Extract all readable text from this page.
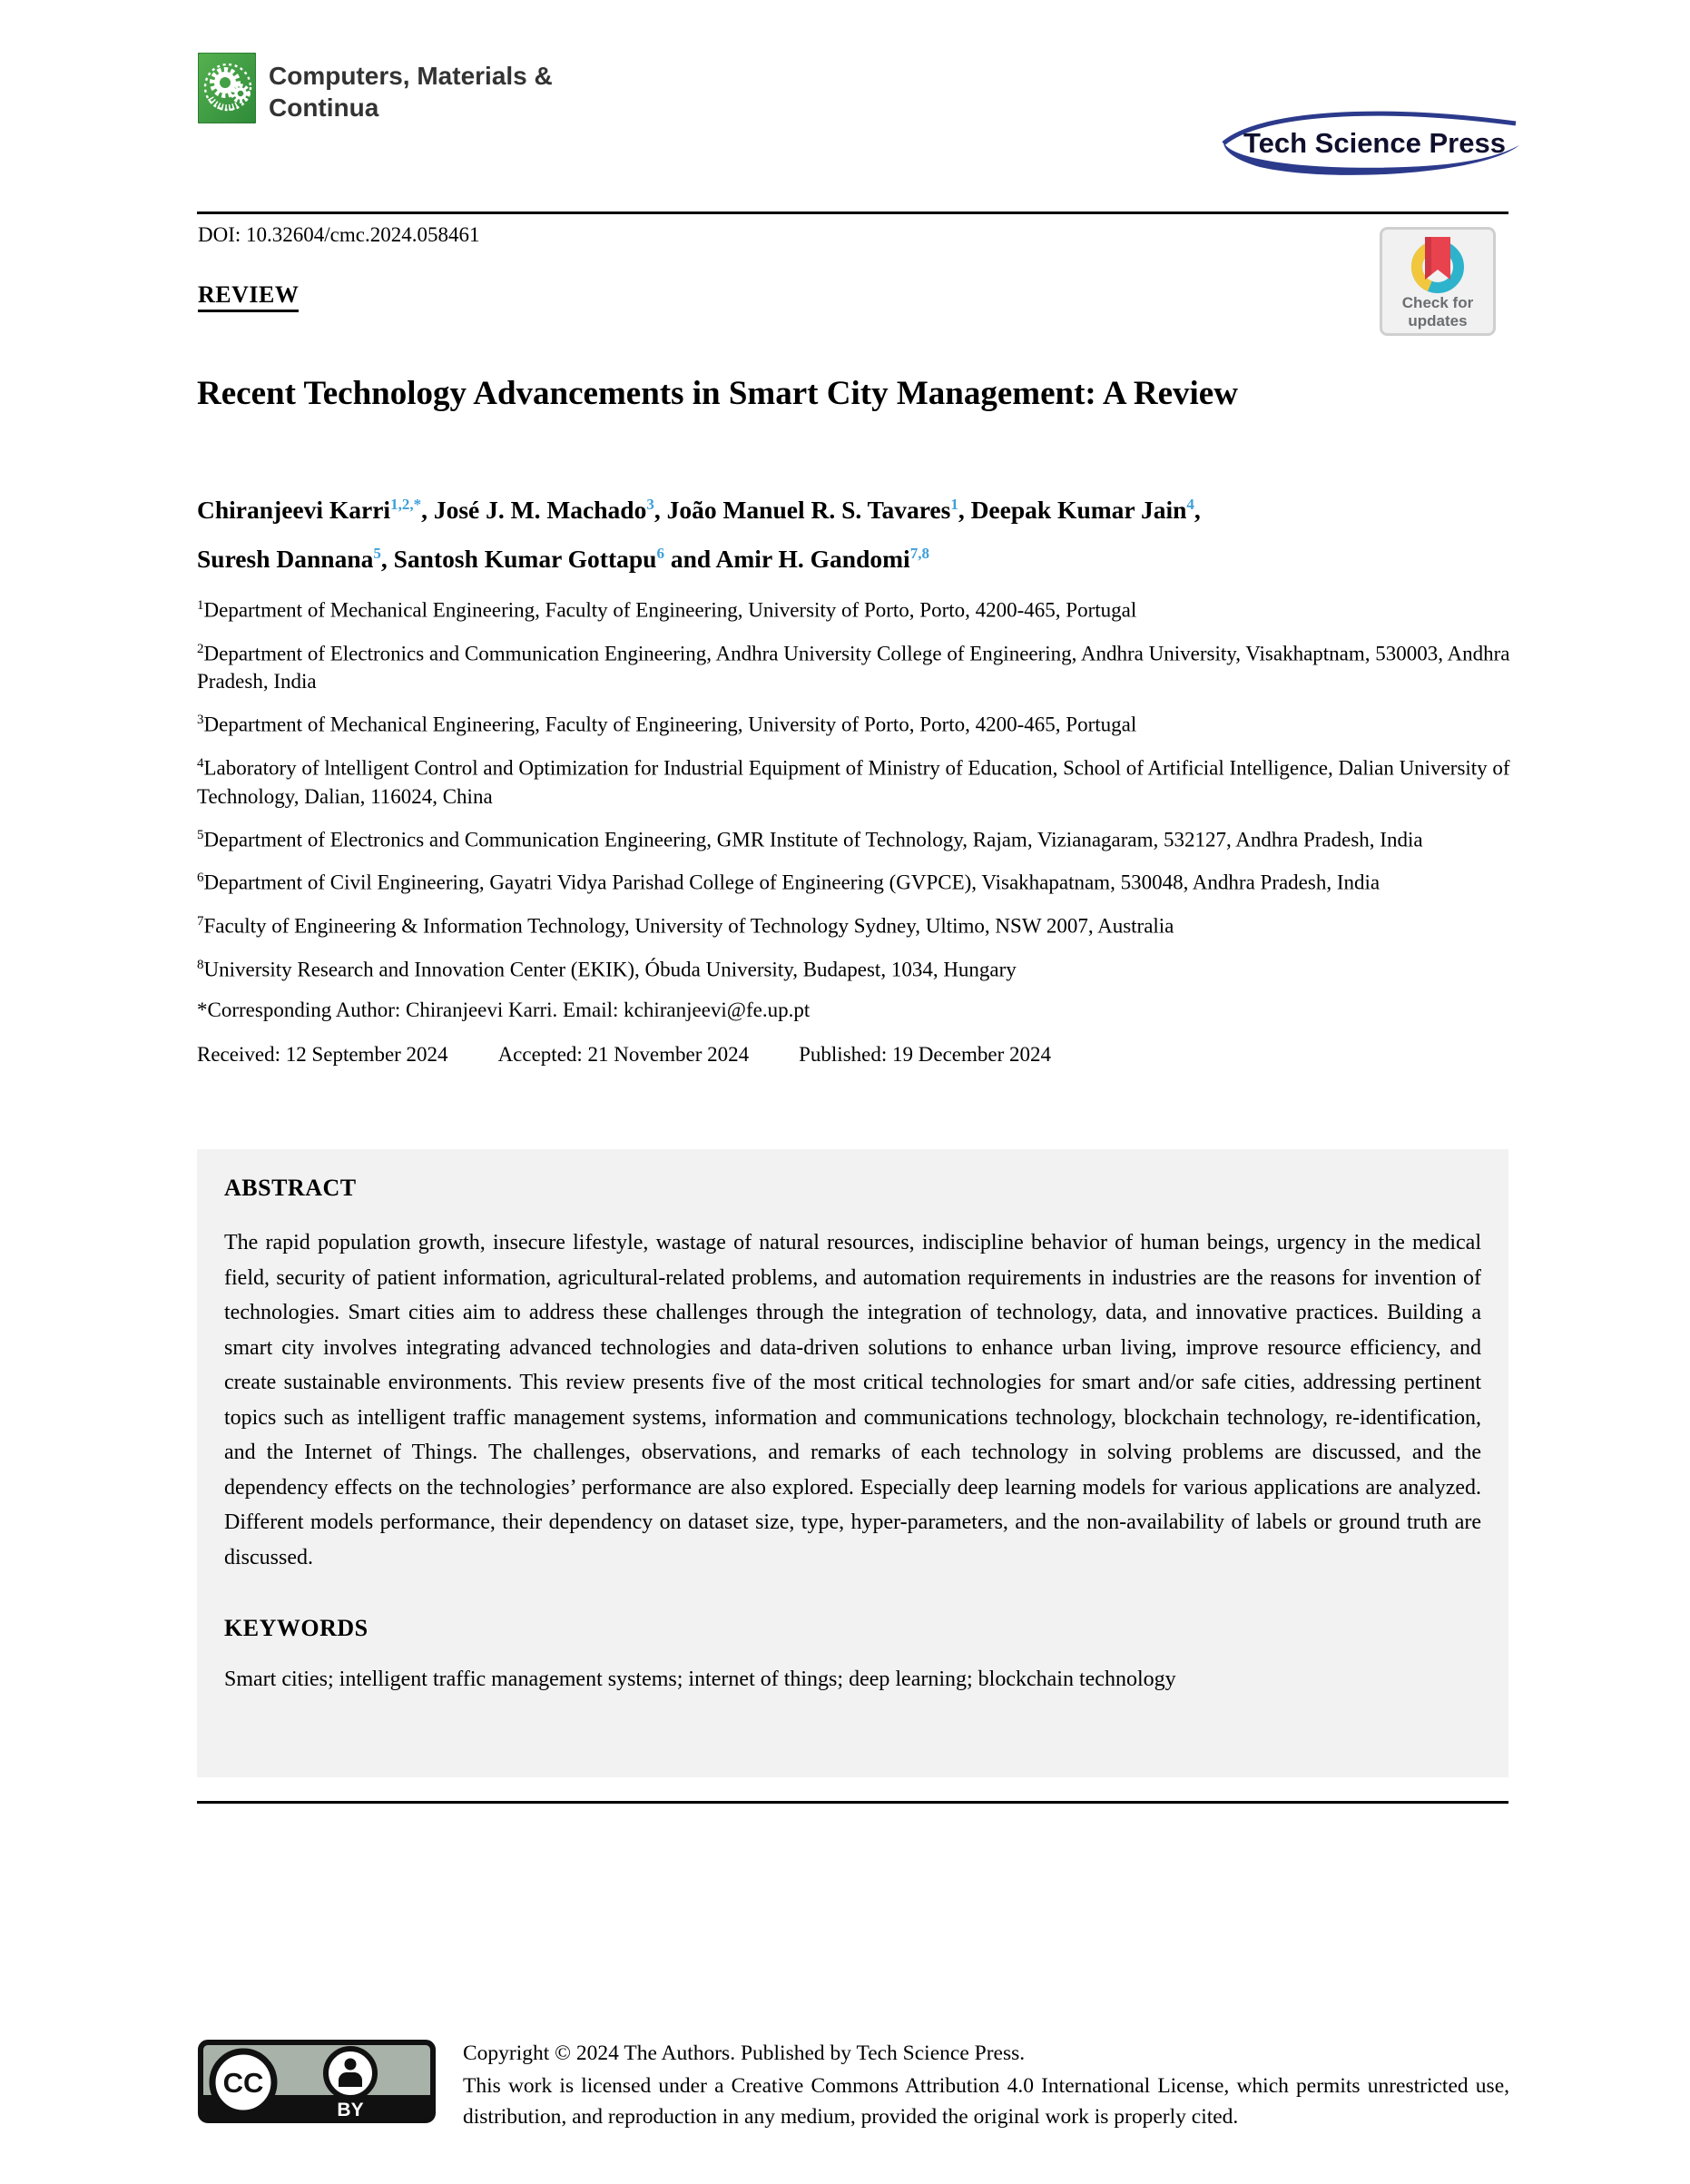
Computers, Materials &
Continua
Tech Science Press
DOI: 10.32604/cmc.2024.058461
REVIEW	Check for
updates
Recent Technology Advancements in Smart City Management: A Review
Chiranjeevi Karri$^{1,2,*}$, José J. M. Machado$^3$, João Manuel R. S. Tavares$^1$, Deepak Kumar Jain$^4$,
Suresh Dannana$^5$, Santosh Kumar Gottapu$^6$ and Amir H. Gandomi$^{7,8}$
$^1$Department of Mechanical Engineering, Faculty of Engineering, University of Porto, Porto, 4200-465, Portugal
$^2$Department of Electronics and Communication Engineering, Andhra University College of Engineering, Andhra University, Visakhaptnam, 530003, Andhra Pradesh, India
$^3$Department of Mechanical Engineering, Faculty of Engineering, University of Porto, Porto, 4200-465, Portugal
$^4$Laboratory of lntelligent Control and Optimization for Industrial Equipment of Ministry of Education, School of Artificial Intelligence, Dalian University of Technology, Dalian, 116024, China
$^5$Department of Electronics and Communication Engineering, GMR Institute of Technology, Rajam, Vizianagaram, 532127, Andhra Pradesh, India
$^6$Department of Civil Engineering, Gayatri Vidya Parishad College of Engineering (GVPCE), Visakhapatnam, 530048, Andhra Pradesh, India
$^7$Faculty of Engineering & Information Technology, University of Technology Sydney, Ultimo, NSW 2007, Australia
$^8$University Research and Innovation Center (EKIK), Óbuda University, Budapest, 1034, Hungary
*Corresponding Author: Chiranjeevi Karri. Email: kchiranjeevi@fe.up.pt
Received: 12 September 2024 Accepted: 21 November 2024 Published: 19 December 2024
ABSTRACT

The rapid population growth, insecure lifestyle, wastage of natural resources, indiscipline behavior of human beings, urgency in the medical field, security of patient information, agricultural-related problems, and automation requirements in industries are the reasons for invention of technologies. Smart cities aim to address these challenges through the integration of technology, data, and innovative practices. Building a smart city involves integrating advanced technologies and data-driven solutions to enhance urban living, improve resource efficiency, and create sustainable environments. This review presents five of the most critical technologies for smart and/or safe cities, addressing pertinent topics such as intelligent traffic management systems, information and communications technology, blockchain technology, re-identification, and the Internet of Things. The challenges, observations, and remarks of each technology in solving problems are discussed, and the dependency effects on the technologies’ performance are also explored. Especially deep learning models for various applications are analyzed. Different models performance, their dependency on dataset size, type, hyper-parameters, and the non-availability of labels or ground truth are discussed.

KEYWORDS
Smart cities; intelligent traffic management systems; internet of things; deep learning; blockchain technology
CC
BY
Copyright © 2024 The Authors. Published by Tech Science Press.

This work is licensed under a Creative Commons Attribution 4.0 International License, which permits unrestricted use, distribution, and reproduction in any medium, provided the original work is properly cited.
